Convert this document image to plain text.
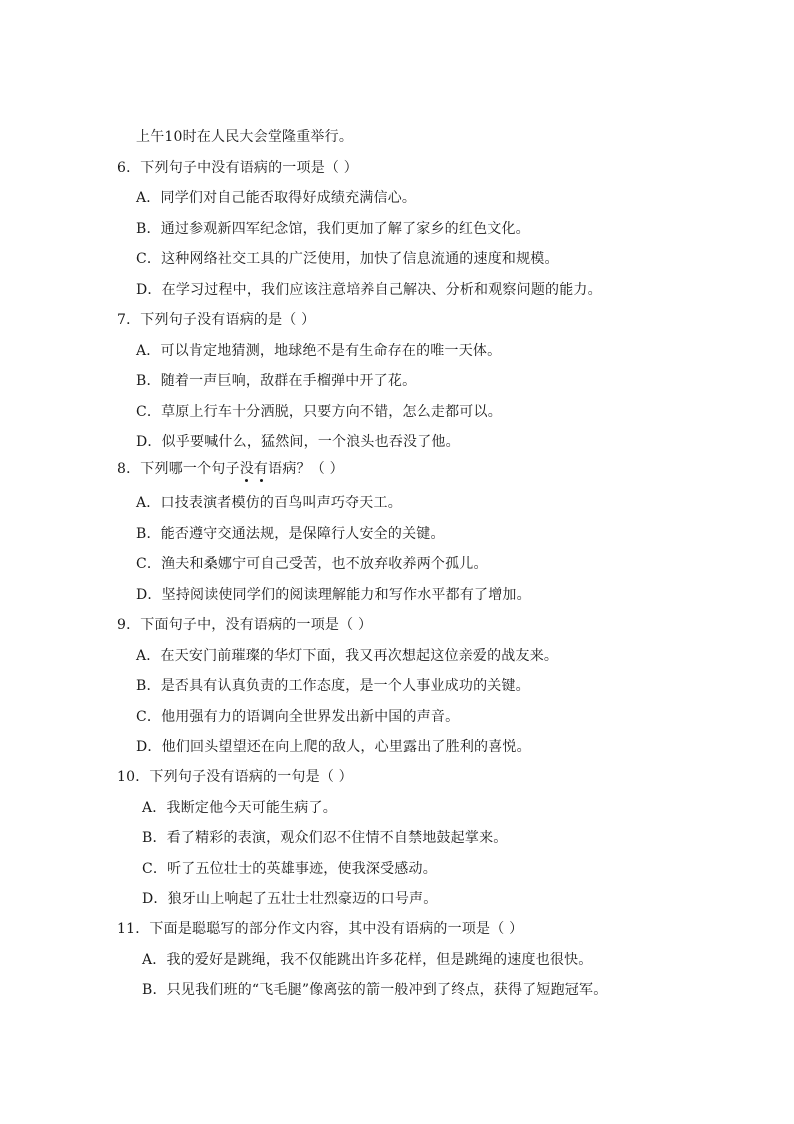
上午10时在人民大会堂隆重举行。
6．下列句子中没有语病的一项是（ ）
A．同学们对自己能否取得好成绩充满信心。
B．通过参观新四军纪念馆，我们更加了解了家乡的红色文化。
C．这种网络社交工具的广泛使用，加快了信息流通的速度和规模。
D．在学习过程中，我们应该注意培养自己解决、分析和观察问题的能力。
7．下列句子没有语病的是（ ）
A．可以肯定地猜测，地球绝不是有生命存在的唯一天体。
B．随着一声巨响，敌群在手榴弹中开了花。
C．草原上行车十分洒脱，只要方向不错，怎么走都可以。
D．似乎要喊什么，猛然间，一个浪头也吞没了他。
8．下列哪一个句子没有语病？（ ）
A．口技表演者模仿的百鸟叫声巧夺天工。
B．能否遵守交通法规，是保障行人安全的关键。
C．渔夫和桑娜宁可自己受苦，也不放弃收养两个孤儿。
D．坚持阅读使同学们的阅读理解能力和写作水平都有了增加。
9．下面句子中，没有语病的一项是（ ）
A．在天安门前璀璨的华灯下面，我又再次想起这位亲爱的战友来。
B．是否具有认真负责的工作态度，是一个人事业成功的关键。
C．他用强有力的语调向全世界发出新中国的声音。
D．他们回头望望还在向上爬的敌人，心里露出了胜利的喜悦。
10．下列句子没有语病的一句是（ ）
A．我断定他今天可能生病了。
B．看了精彩的表演，观众们忍不住情不自禁地鼓起掌来。
C．听了五位壮士的英雄事迹，使我深受感动。
D．狼牙山上响起了五壮士壮烈豪迈的口号声。
11．下面是聪聪写的部分作文内容，其中没有语病的一项是（ ）
A．我的爱好是跳绳，我不仅能跳出许多花样，但是跳绳的速度也很快。
B．只见我们班的“飞毛腿”像离弦的箭一般冲到了终点，获得了短跑冠军。
